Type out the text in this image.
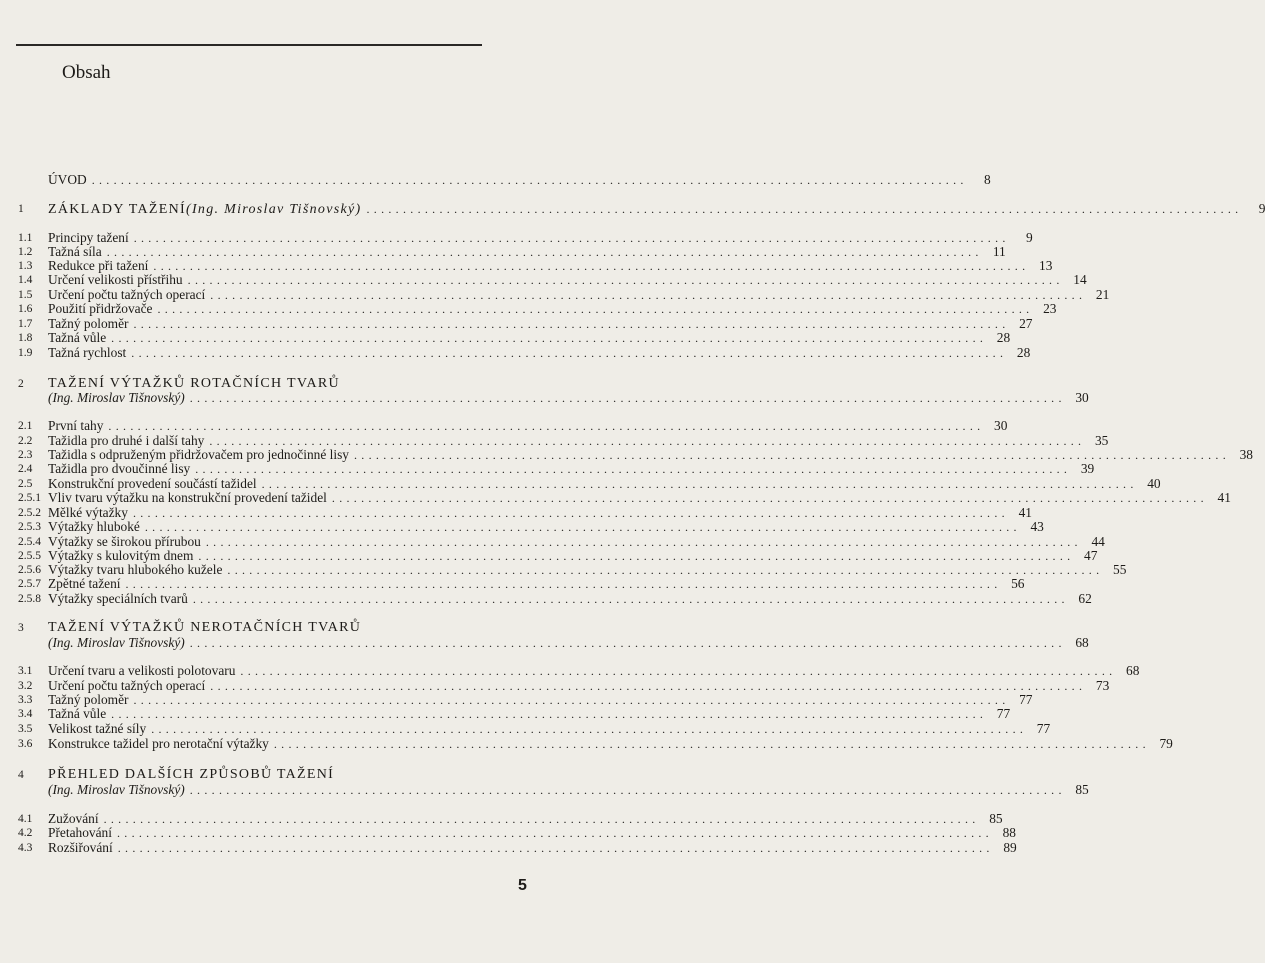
Obsah
ÚVOD ........................................................................................................................	8
1 ZÁKLADY TAŽENÍ (Ing. Miroslav Tišnovský) ........................................................................................................................	9
1.1 Principy tažení ........................................................................................................................	9
1.2 Tažná síla ........................................................................................................................ 11
1.3 Redukce při tažení ........................................................................................................................ 13
1.4 Určení velikosti přístřihu ........................................................................................................................ 14
1.5 Určení počtu tažných operací ........................................................................................................................ 21
1.6 Použití přidržovače ........................................................................................................................ 23
1.7 Tažný poloměr ........................................................................................................................ 27
1.8 Tažná vůle ........................................................................................................................ 28
1.9 Tažná rychlost ........................................................................................................................ 28
2 TAŽENÍ VÝTAŽKŮ ROTAČNÍCH TVARŮ
(Ing. Miroslav Tišnovský) ........................................................................................................................ 30
2.1 První tahy ........................................................................................................................ 30
2.2 Tažidla pro druhé i další tahy ........................................................................................................................ 35
2.3 Tažidla s odpruženým přidržovačem pro jednočinné lisy ........................................................................................................................ 38
2.4 Tažidla pro dvoučinné lisy ........................................................................................................................ 39
2.5 Konstrukční provedení součástí tažidel ........................................................................................................................ 40
2.5.1 Vliv tvaru výtažku na konstrukční provedení tažidel ........................................................................................................................ 41
2.5.2 Mělké výtažky ........................................................................................................................ 41
2.5.3 Výtažky hluboké ........................................................................................................................ 43
2.5.4 Výtažky se širokou přírubou ........................................................................................................................ 44
2.5.5 Výtažky s kulovitým dnem ........................................................................................................................ 47
2.5.6 Výtažky tvaru hlubokého kužele ........................................................................................................................ 55
2.5.7 Zpětné tažení ........................................................................................................................ 56
2.5.8 Výtažky speciálních tvarů ........................................................................................................................ 62
3 TAŽENÍ VÝTAŽKŮ NEROTAČNÍCH TVARŮ
(Ing. Miroslav Tišnovský) ........................................................................................................................ 68
3.1 Určení tvaru a velikosti polotovaru ........................................................................................................................ 68
3.2 Určení počtu tažných operací ........................................................................................................................ 73
3.3 Tažný poloměr ........................................................................................................................ 77
3.4 Tažná vůle ........................................................................................................................ 77
3.5 Velikost tažné síly ........................................................................................................................ 77
3.6 Konstrukce tažidel pro nerotační výtažky ........................................................................................................................ 79
4 PŘEHLED DALŠÍCH ZPŮSOBŮ TAŽENÍ
(Ing. Miroslav Tišnovský) ........................................................................................................................ 85
4.1 Zužování ........................................................................................................................ 85
4.2 Přetahování ........................................................................................................................ 88
4.3 Rozšiřování ........................................................................................................................ 89
5
